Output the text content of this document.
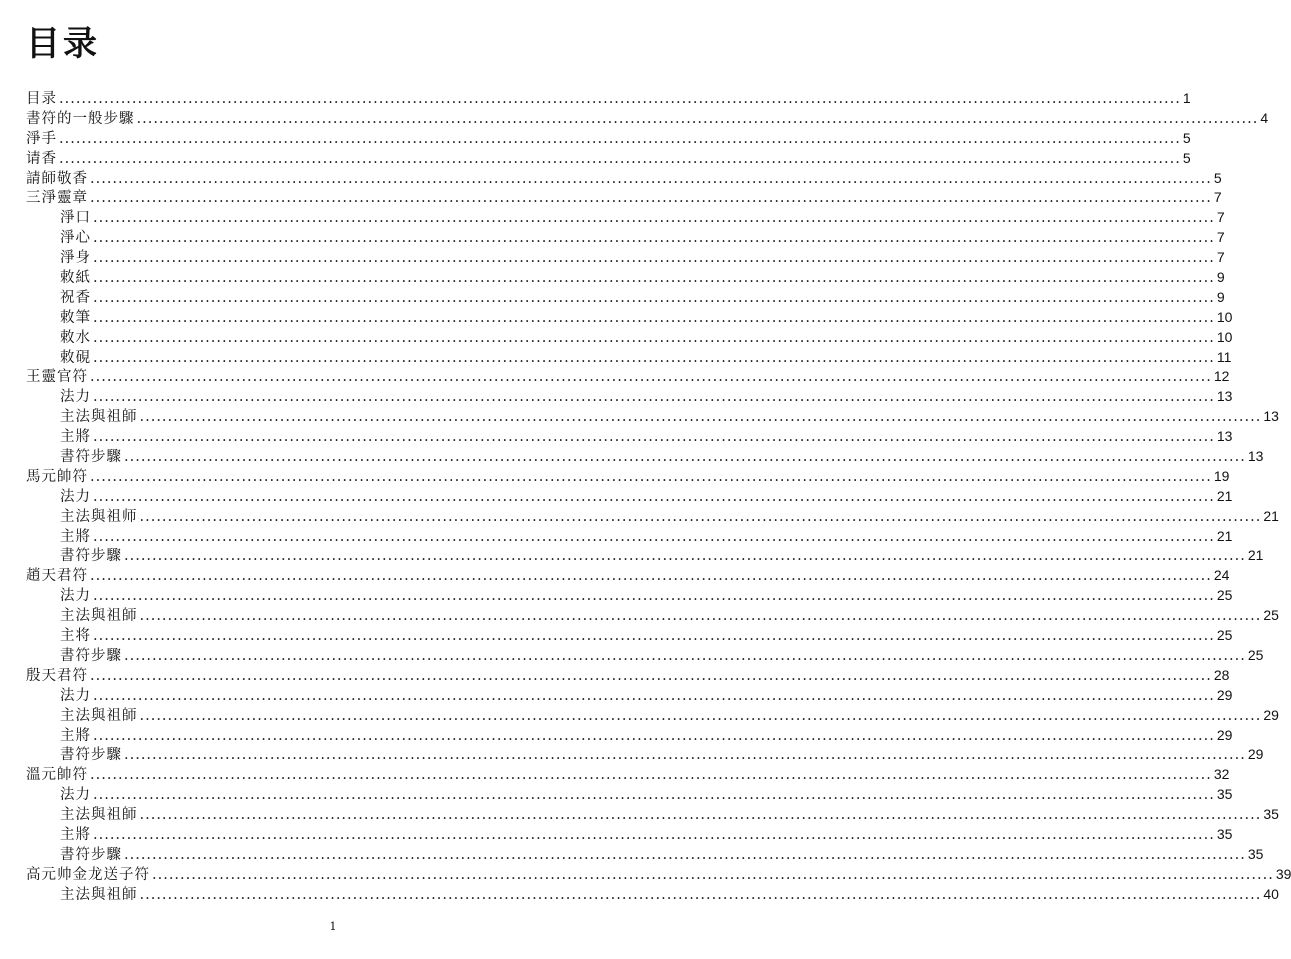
目录
目录 ........................................................................................................................................................................................................ 1
書符的一般步驟 ........................................................................................................................................................................................................ 4
淨手 ........................................................................................................................................................................................................ 5
请香 ........................................................................................................................................................................................................ 5
請師敬香 ........................................................................................................................................................................................................ 5
三淨靈章 ........................................................................................................................................................................................................ 7
淨口 ........................................................................................................................................................................................................ 7
淨心 ........................................................................................................................................................................................................ 7
淨身 ........................................................................................................................................................................................................ 7
敕紙 ........................................................................................................................................................................................................ 9
祝香 ........................................................................................................................................................................................................ 9
敕筆 ........................................................................................................................................................................................................ 10
敕水 ........................................................................................................................................................................................................ 10
敕硯 ........................................................................................................................................................................................................ 11
王靈官符 ........................................................................................................................................................................................................ 12
法力 ........................................................................................................................................................................................................ 13
主法與祖師 ........................................................................................................................................................................................................ 13
主將 ........................................................................................................................................................................................................ 13
書符步驟 ........................................................................................................................................................................................................ 13
馬元帥符 ........................................................................................................................................................................................................ 19
法力 ........................................................................................................................................................................................................ 21
主法與祖师 ........................................................................................................................................................................................................ 21
主將 ........................................................................................................................................................................................................ 21
書符步驟 ........................................................................................................................................................................................................ 21
趙天君符 ........................................................................................................................................................................................................ 24
法力 ........................................................................................................................................................................................................ 25
主法與祖師 ........................................................................................................................................................................................................ 25
主将 ........................................................................................................................................................................................................ 25
書符步驟 ........................................................................................................................................................................................................ 25
殷天君符 ........................................................................................................................................................................................................ 28
法力 ........................................................................................................................................................................................................ 29
主法與祖師 ........................................................................................................................................................................................................ 29
主將 ........................................................................................................................................................................................................ 29
書符步驟 ........................................................................................................................................................................................................ 29
溫元帥符 ........................................................................................................................................................................................................ 32
法力 ........................................................................................................................................................................................................ 35
主法與祖師 ........................................................................................................................................................................................................ 35
主將 ........................................................................................................................................................................................................ 35
書符步驟 ........................................................................................................................................................................................................ 35
高元帅金龙送子符 ........................................................................................................................................................................................................ 39
主法與祖師 ........................................................................................................................................................................................................ 40
1
